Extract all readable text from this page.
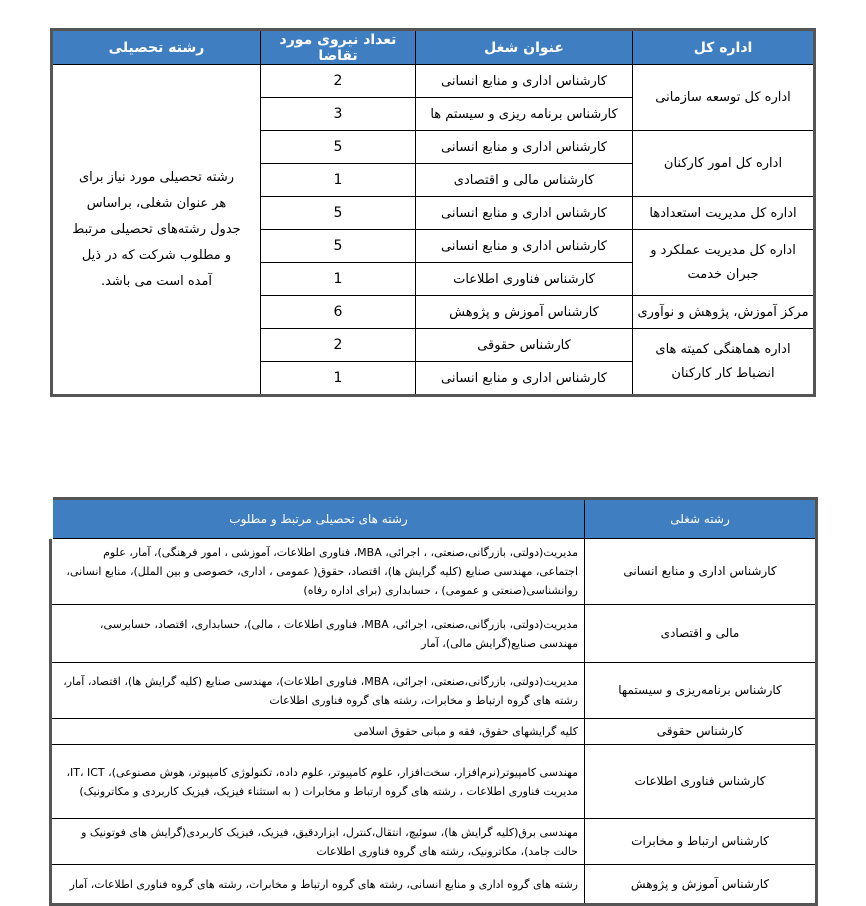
اداره کل	عنوان شغل	تعداد نیروی مورد تقاضا	رشته تحصیلی
اداره کل توسعه سازمانی	کارشناس اداری و منابع انسانی	2	رشته تحصیلی مورد نیاز برای هر عنوان شغلی، براساس جدول رشته‌های تحصیلی مرتبط و مطلوب شرکت که در ذیل آمده است می باشد.
	کارشناس برنامه ریزی و سیستم ها	3	
اداره کل امور کارکنان	کارشناس اداری و منابع انسانی	5	
	کارشناس مالی و اقتصادی	1	
اداره کل مدیریت استعدادها	کارشناس اداری و منابع انسانی	5	
اداره کل مدیریت عملکرد و جبران خدمت	کارشناس اداری و منابع انسانی	5	
	کارشناس فناوری اطلاعات	1	
مرکز آموزش، پژوهش و نوآوری	کارشناس آموزش و پژوهش	6	
اداره هماهنگی کمیته های انضباط کار کارکنان	کارشناس حقوقی	2	
	کارشناس اداری و منابع انسانی	1	
رشته شغلی	رشته های تحصیلی مرتبط و مطلوب
کارشناس اداری و منابع انسانی	مدیریت(دولتی، بازرگانی،صنعتی، ، اجرائی، MBA، فناوری اطلاعات، آموزشی ، امور فرهنگی)، آمار، علوم اجتماعی، مهندسی صنایع (کلیه گرایش ها)، اقتصاد، حقوق( عمومی ، اداری، خصوصی و بین الملل)، منابع انسانی، روانشناسی(صنعتی و عمومی) ، حسابداری (برای اداره رفاه)
مالی و اقتصادی	مدیریت(دولتی، بازرگانی،صنعتی، اجرائی، MBA، فناوری اطلاعات ، مالی)، حسابداری، اقتصاد، حسابرسی، مهندسی صنایع(گرایش مالی)، آمار
کارشناس برنامه‌ریزی و سیستمها	مدیریت(دولتی، بازرگانی،صنعتی، اجرائی، MBA، فناوری اطلاعات)، مهندسی صنایع (کلیه گرایش ها)، اقتصاد، آمار، رشته های گروه ارتباط و مخابرات، رشته های گروه فناوری اطلاعات
کارشناس حقوقی	کلیه گرایشهای حقوق، فقه و مبانی حقوق اسلامی
کارشناس فناوری اطلاعات	مهندسی کامپیوتر(نرم‌افزار، سخت‌افزار، علوم کامپیوتر، علوم داده، تکنولوژی کامپیوتر، هوش مصنوعی)، IT، ICT، مدیریت فناوری اطلاعات ، رشته های گروه ارتباط و مخابرات ( به استثناء فیزیک، فیزیک کاربردی و مکاترونیک)
کارشناس ارتباط و مخابرات	مهندسی برق(کلیه گرایش ها)، سوئیچ، انتقال،کنترل، ابزاردقیق، فیزیک، فیزیک کاربردی(گرایش های فوتونیک و حالت جامد)، مکاترونیک، رشته های گروه فناوری اطلاعات
کارشناس آموزش و پژوهش	رشته های گروه اداری و منابع انسانی، رشته های گروه ارتباط و مخابرات، رشته های گروه فناوری اطلاعات، آمار
